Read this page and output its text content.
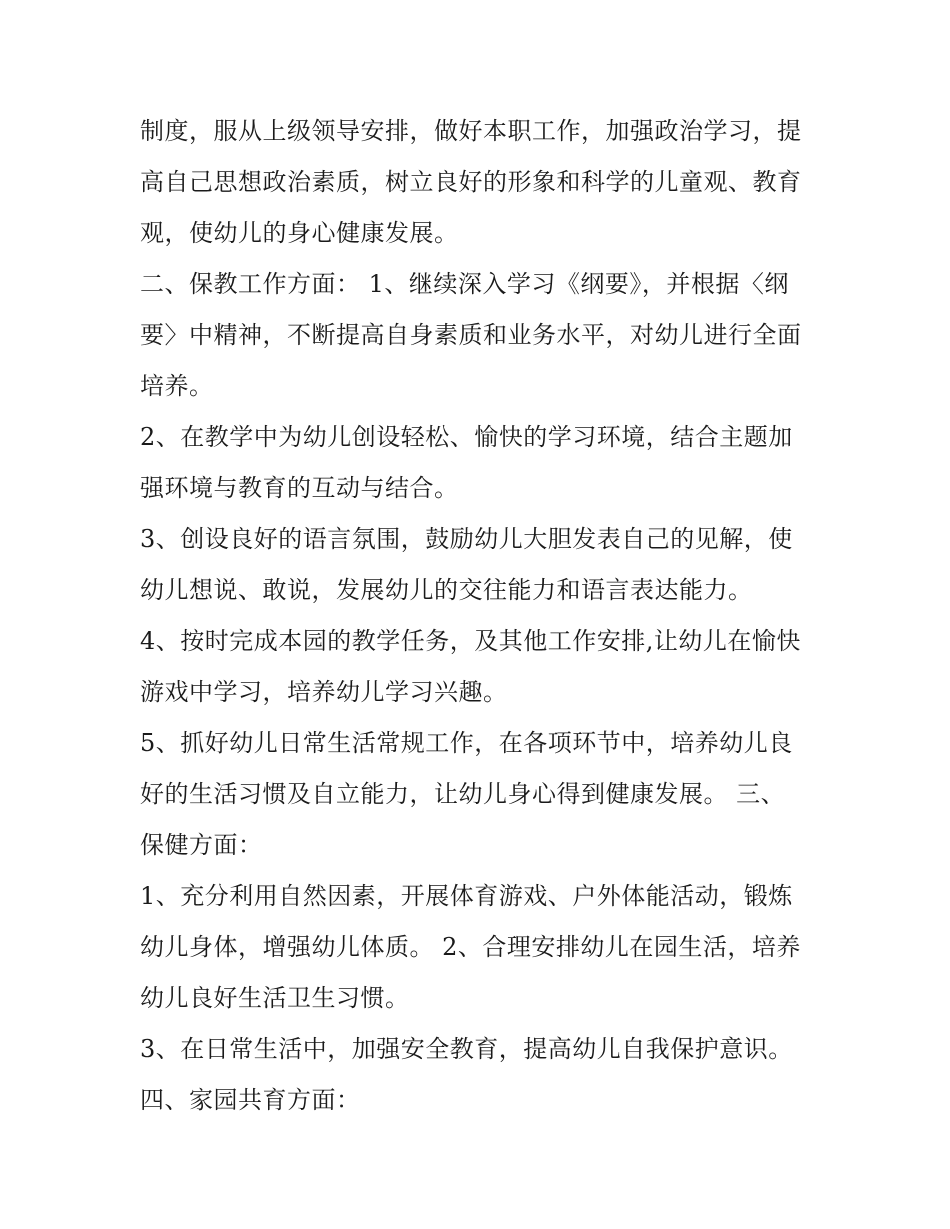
制度，服从上级领导安排，做好本职工作，加强政治学习，提
高自己思想政治素质，树立良好的形象和科学的儿童观、教育
观，使幼儿的身心健康发展。
二、保教工作方面： 1、继续深入学习《纲要》，并根据〈纲
要〉中精神，不断提高自身素质和业务水平，对幼儿进行全面
培养。
2、在教学中为幼儿创设轻松、愉快的学习环境，结合主题加
强环境与教育的互动与结合。
3、创设良好的语言氛围，鼓励幼儿大胆发表自己的见解，使
幼儿想说、敢说，发展幼儿的交往能力和语言表达能力。
4、按时完成本园的教学任务，及其他工作安排,让幼儿在愉快
游戏中学习，培养幼儿学习兴趣。
5、抓好幼儿日常生活常规工作，在各项环节中，培养幼儿良
好的生活习惯及自立能力，让幼儿身心得到健康发展。 三、
保健方面：
1、充分利用自然因素，开展体育游戏、户外体能活动，锻炼
幼儿身体，增强幼儿体质。 2、合理安排幼儿在园生活，培养
幼儿良好生活卫生习惯。
3、在日常生活中，加强安全教育，提高幼儿自我保护意识。
四、家园共育方面：
